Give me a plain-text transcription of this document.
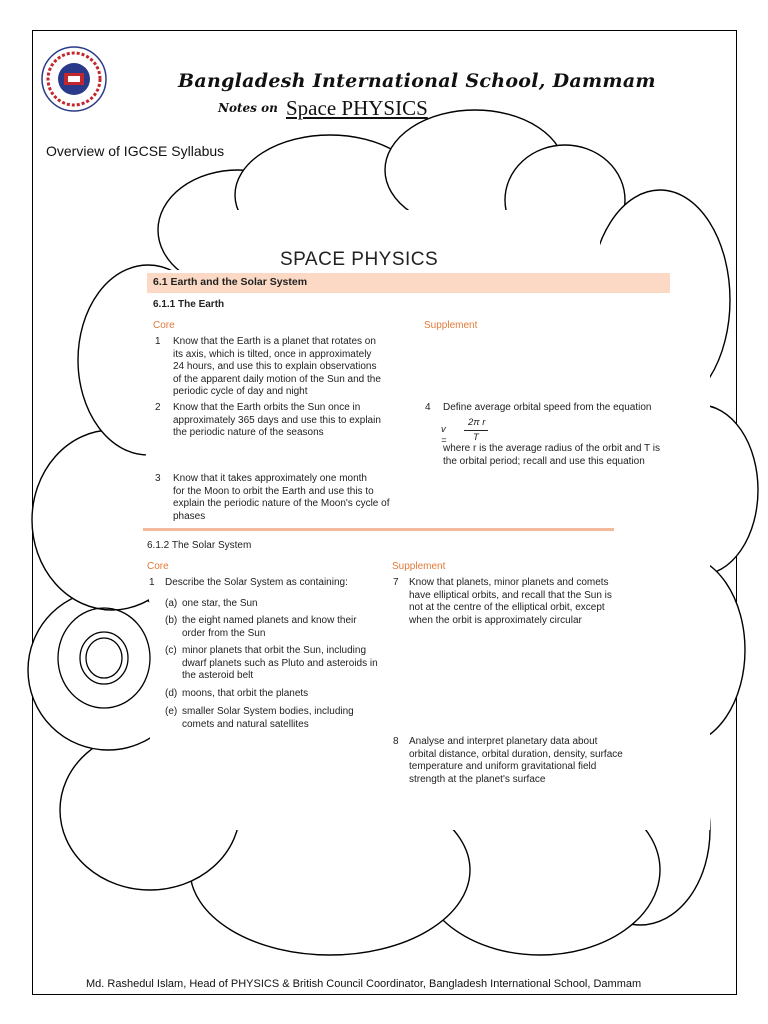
Bangladesh International School, Dammam
Notes on Space PHYSICS
Overview of IGCSE Syllabus
SPACE PHYSICS
6.1 Earth and the Solar System
6.1.1 The Earth
Core	Supplement
1 Know that the Earth is a planet that rotates on
its axis, which is tilted, once in approximately
24 hours, and use this to explain observations
of the apparent daily motion of the Sun and the
periodic cycle of day and night
2 Know that the Earth orbits the Sun once in
approximately 365 days and use this to explain
the periodic nature of the seasons
3 Know that it takes approximately one month
for the Moon to orbit the Earth and use this to
explain the periodic nature of the Moon's cycle of
phases
4 Define average orbital speed from the equation
v =
2π r
T
where r is the average radius of the orbit and T is
the orbital period; recall and use this equation
6.1.2 The Solar System
Core	Supplement
1 Describe the Solar System as containing:
(a) one star, the Sun
(b) the eight named planets and know their
order from the Sun
(c) minor planets that orbit the Sun, including
dwarf planets such as Pluto and asteroids in
the asteroid belt
(d) moons, that orbit the planets
(e) smaller Solar System bodies, including
comets and natural satellites
7 Know that planets, minor planets and comets
have elliptical orbits, and recall that the Sun is
not at the centre of the elliptical orbit, except
when the orbit is approximately circular
8 Analyse and interpret planetary data about
orbital distance, orbital duration, density, surface
temperature and uniform gravitational field
strength at the planet's surface
Md. Rashedul Islam, Head of PHYSICS & British Council Coordinator, Bangladesh International School, Dammam
